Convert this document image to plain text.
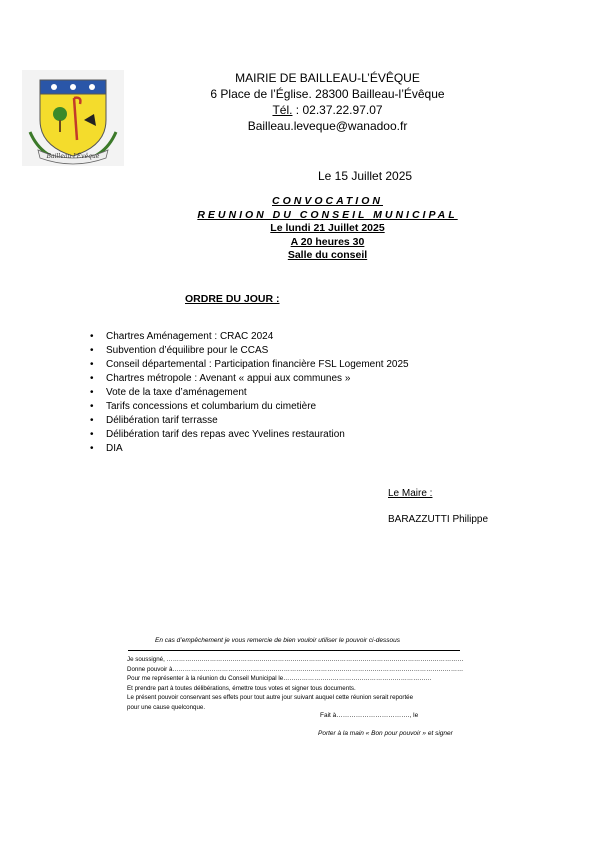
Bailleau l'Évêque
MAIRIE DE BAILLEAU-L’ÉVÊQUE
6 Place de l’Église. 28300 Bailleau-l’Évêque
Tél. : 02.37.22.97.07
Bailleau.leveque@wanadoo.fr
Le 15 Juillet 2025
CONVOCATION
REUNION DU CONSEIL MUNICIPAL
Le lundi 21 Juillet 2025
A 20 heures 30
Salle du conseil
ORDRE DU JOUR :
• Chartres Aménagement : CRAC 2024
• Subvention d’équilibre pour le CCAS
• Conseil départemental : Participation financière FSL Logement 2025
• Chartres métropole : Avenant « appui aux communes »
• Vote de la taxe d’aménagement
• Tarifs concessions et columbarium du cimetière
• Délibération tarif terrasse
• Délibération tarif des repas avec Yvelines restauration
• DIA
Le Maire :
BARAZZUTTI Philippe
En cas d’empêchement je vous remercie de bien vouloir utiliser le pouvoir ci-dessous
Je soussigné, ………………………………………………………………………………………………………………………………
Donne pouvoir à……………………………………………………………………………………………………………………………
Pour me représenter à la réunion du Conseil Municipal le………………………………………………………………
Et prendre part à toutes délibérations, émettre tous votes et signer tous documents.
Le présent pouvoir conservant ses effets pour tout autre jour suivant auquel cette réunion serait reportée
pour une cause quelconque.
Fait à……………………………., le
Porter à la main « Bon pour pouvoir » et signer
